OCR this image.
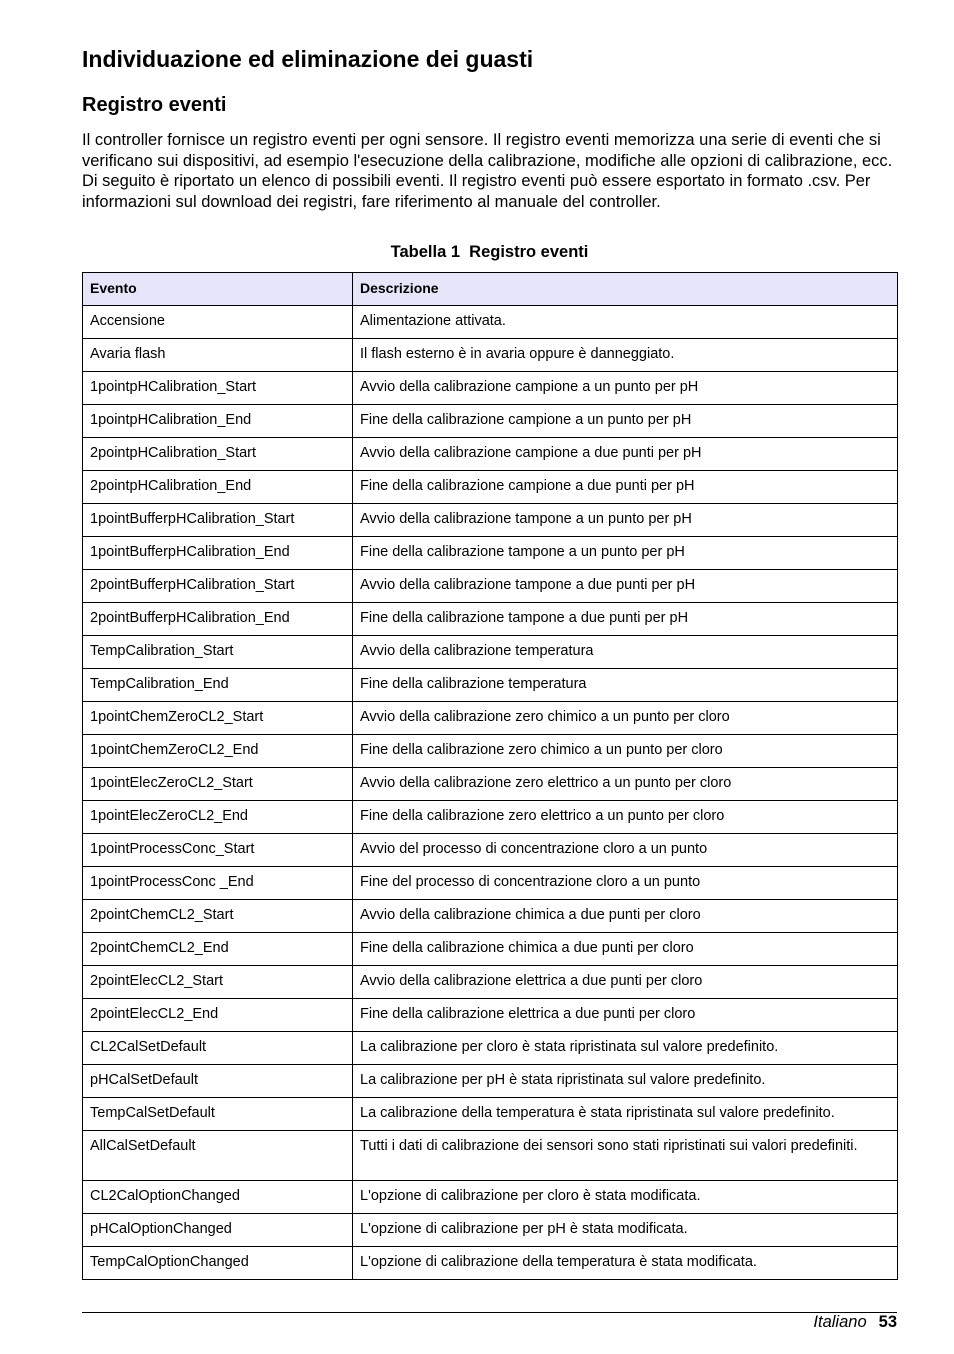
Individuazione ed eliminazione dei guasti
Registro eventi

Il controller fornisce un registro eventi per ogni sensore. Il registro eventi memorizza una serie di eventi che si verificano sui dispositivi, ad esempio l'esecuzione della calibrazione, modifiche alle opzioni di calibrazione, ecc. Di seguito è riportato un elenco di possibili eventi. Il registro eventi può essere esportato in formato .csv. Per informazioni sul download dei registri, fare riferimento al manuale del controller.

Tabella 1  Registro eventi
Evento	Descrizione
Accensione	Alimentazione attivata.
Avaria flash	Il flash esterno è in avaria oppure è danneggiato.
1pointpHCalibration_Start	Avvio della calibrazione campione a un punto per pH
1pointpHCalibration_End	Fine della calibrazione campione a un punto per pH
2pointpHCalibration_Start	Avvio della calibrazione campione a due punti per pH
2pointpHCalibration_End	Fine della calibrazione campione a due punti per pH
1pointBufferpHCalibration_Start	Avvio della calibrazione tampone a un punto per pH
1pointBufferpHCalibration_End	Fine della calibrazione tampone a un punto per pH
2pointBufferpHCalibration_Start	Avvio della calibrazione tampone a due punti per pH
2pointBufferpHCalibration_End	Fine della calibrazione tampone a due punti per pH
TempCalibration_Start	Avvio della calibrazione temperatura
TempCalibration_End	Fine della calibrazione temperatura
1pointChemZeroCL2_Start	Avvio della calibrazione zero chimico a un punto per cloro
1pointChemZeroCL2_End	Fine della calibrazione zero chimico a un punto per cloro
1pointElecZeroCL2_Start	Avvio della calibrazione zero elettrico a un punto per cloro
1pointElecZeroCL2_End	Fine della calibrazione zero elettrico a un punto per cloro
1pointProcessConc_Start	Avvio del processo di concentrazione cloro a un punto
1pointProcessConc _End	Fine del processo di concentrazione cloro a un punto
2pointChemCL2_Start	Avvio della calibrazione chimica a due punti per cloro
2pointChemCL2_End	Fine della calibrazione chimica a due punti per cloro
2pointElecCL2_Start	Avvio della calibrazione elettrica a due punti per cloro
2pointElecCL2_End	Fine della calibrazione elettrica a due punti per cloro
CL2CalSetDefault	La calibrazione per cloro è stata ripristinata sul valore predefinito.
pHCalSetDefault	La calibrazione per pH è stata ripristinata sul valore predefinito.
TempCalSetDefault	La calibrazione della temperatura è stata ripristinata sul valore predefinito.
AllCalSetDefault	Tutti i dati di calibrazione dei sensori sono stati ripristinati sui valori predefiniti.
CL2CalOptionChanged	L'opzione di calibrazione per cloro è stata modificata.
pHCalOptionChanged	L'opzione di calibrazione per pH è stata modificata.
TempCalOptionChanged	L'opzione di calibrazione della temperatura è stata modificata.
Italiano 53
